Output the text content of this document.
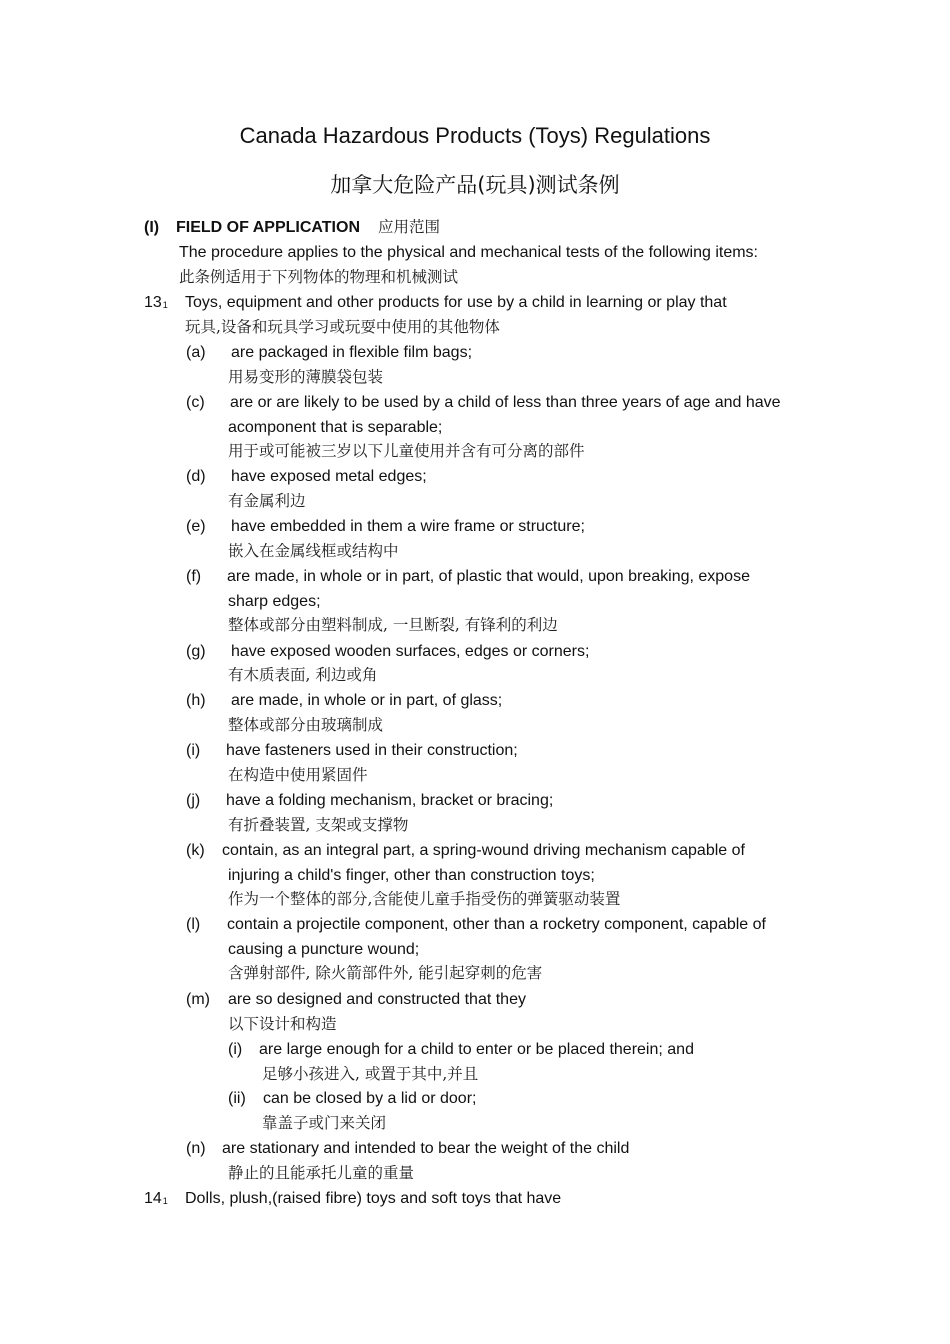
Canada Hazardous Products (Toys) Regulations
加拿大危险产品(玩具)测试条例
(I) FIELD OF APPLICATION 应用范围
The procedure applies to the physical and mechanical tests of the following items:
此条例适用于下列物体的物理和机械测试
131 Toys, equipment and other products for use by a child in learning or play that
玩具,设备和玩具学习或玩耍中使用的其他物体
(a) are packaged in flexible film bags;
用易变形的薄膜袋包装
(c) are or are likely to be used by a child of less than three years of age and have
acomponent that is separable;
用于或可能被三岁以下儿童使用并含有可分离的部件
(d) have exposed metal edges;
有金属利边
(e) have embedded in them a wire frame or structure;
嵌入在金属线框或结构中
(f) are made, in whole or in part, of plastic that would, upon breaking, expose
sharp edges;
整体或部分由塑料制成, 一旦断裂, 有锋利的利边
(g) have exposed wooden surfaces, edges or corners;
有木质表面, 利边或角
(h) are made, in whole or in part, of glass;
整体或部分由玻璃制成
(i) have fasteners used in their construction;
在构造中使用紧固件
(j) have a folding mechanism, bracket or bracing;
有折叠装置, 支架或支撑物
(k) contain, as an integral part, a spring-wound driving mechanism capable of
injuring a child's finger, other than construction toys;
作为一个整体的部分,含能使儿童手指受伤的弹簧驱动装置
(l) contain a projectile component, other than a rocketry component, capable of
causing a puncture wound;
含弹射部件, 除火箭部件外, 能引起穿刺的危害
(m) are so designed and constructed that they
以下设计和构造
(i) are large enough for a child to enter or be placed therein; and
足够小孩进入, 或置于其中,并且
(ii) can be closed by a lid or door;
靠盖子或门来关闭
(n) are stationary and intended to bear the weight of the child
静止的且能承托儿童的重量
141 Dolls, plush,(raised fibre) toys and soft toys that have
